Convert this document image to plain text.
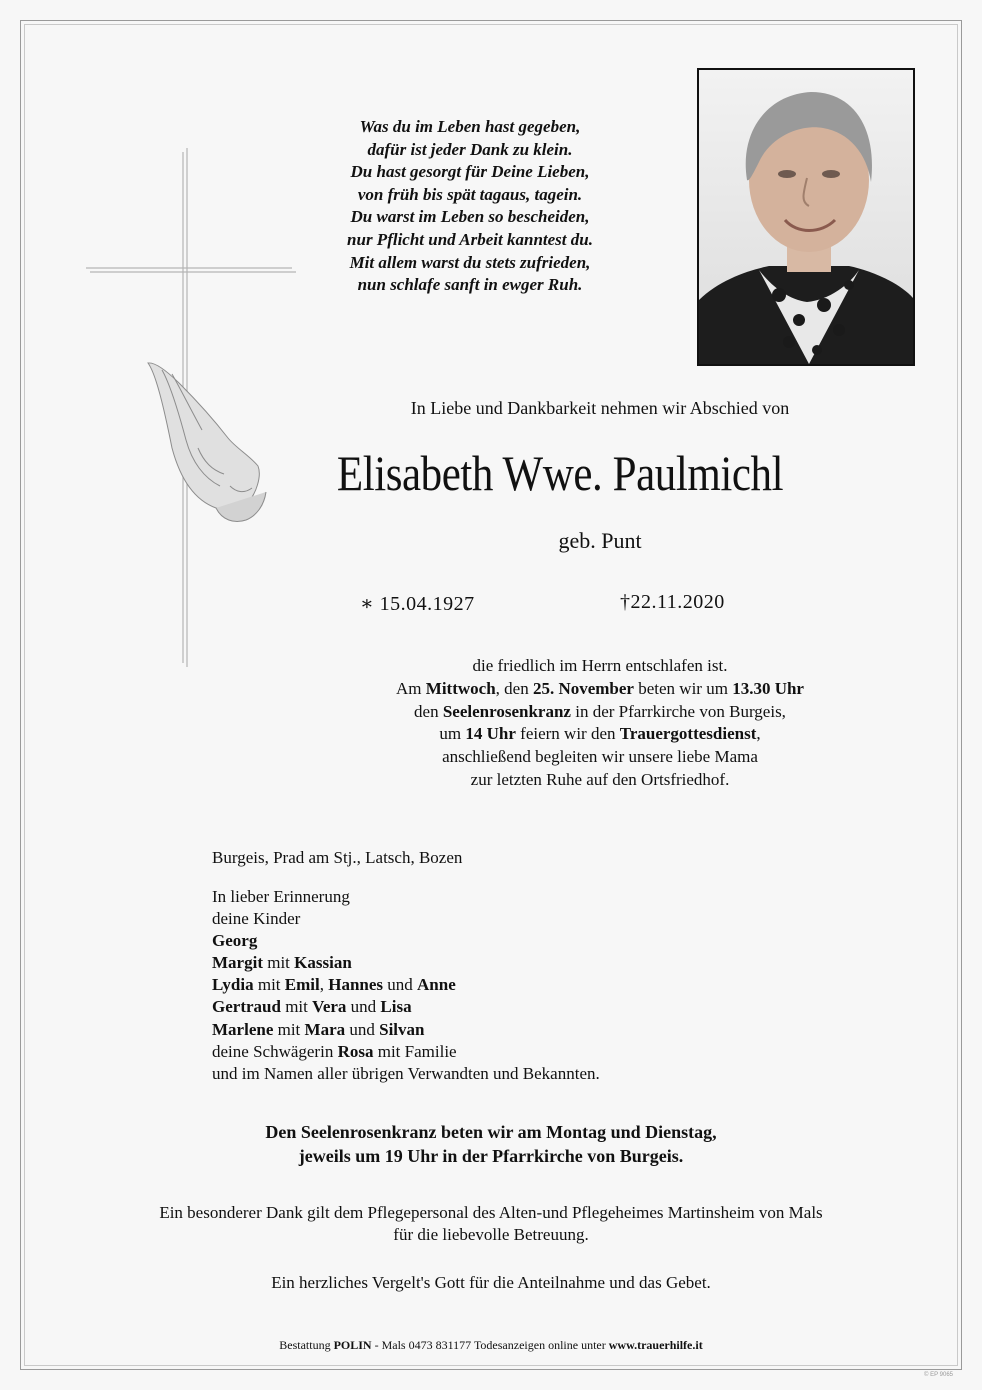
Was du im Leben hast gegeben,
dafür ist jeder Dank zu klein.
Du hast gesorgt für Deine Lieben,
von früh bis spät tagaus, tagein.
Du warst im Leben so bescheiden,
nur Pflicht und Arbeit kanntest du.
Mit allem warst du stets zufrieden,
nun schlafe sanft in ewger Ruh.
In Liebe und Dankbarkeit nehmen wir Abschied von
Elisabeth Wwe. Paulmichl
geb. Punt
∗ 15.04.1927	†22.11.2020
die friedlich im Herrn entschlafen ist.
Am Mittwoch, den 25. November beten wir um 13.30 Uhr
den Seelenrosenkranz in der Pfarrkirche von Burgeis,
um 14 Uhr feiern wir den Trauergottesdienst,
anschließend begleiten wir unsere liebe Mama
zur letzten Ruhe auf den Ortsfriedhof.
Burgeis, Prad am Stj., Latsch, Bozen
In lieber Erinnerung
deine Kinder
Georg
Margit mit Kassian
Lydia mit Emil, Hannes und Anne
Gertraud mit Vera und Lisa
Marlene mit Mara und Silvan
deine Schwägerin Rosa mit Familie
und im Namen aller übrigen Verwandten und Bekannten.
Den Seelenrosenkranz beten wir am Montag und Dienstag,
jeweils um 19 Uhr in der Pfarrkirche von Burgeis.
Ein besonderer Dank gilt dem Pflegepersonal des Alten-und Pflegeheimes Martinsheim von Mals
für die liebevolle Betreuung.
Ein herzliches Vergelt's Gott für die Anteilnahme und das Gebet.
Bestattung POLIN - Mals 0473 831177 Todesanzeigen online unter www.trauerhilfe.it
© EP 9065
